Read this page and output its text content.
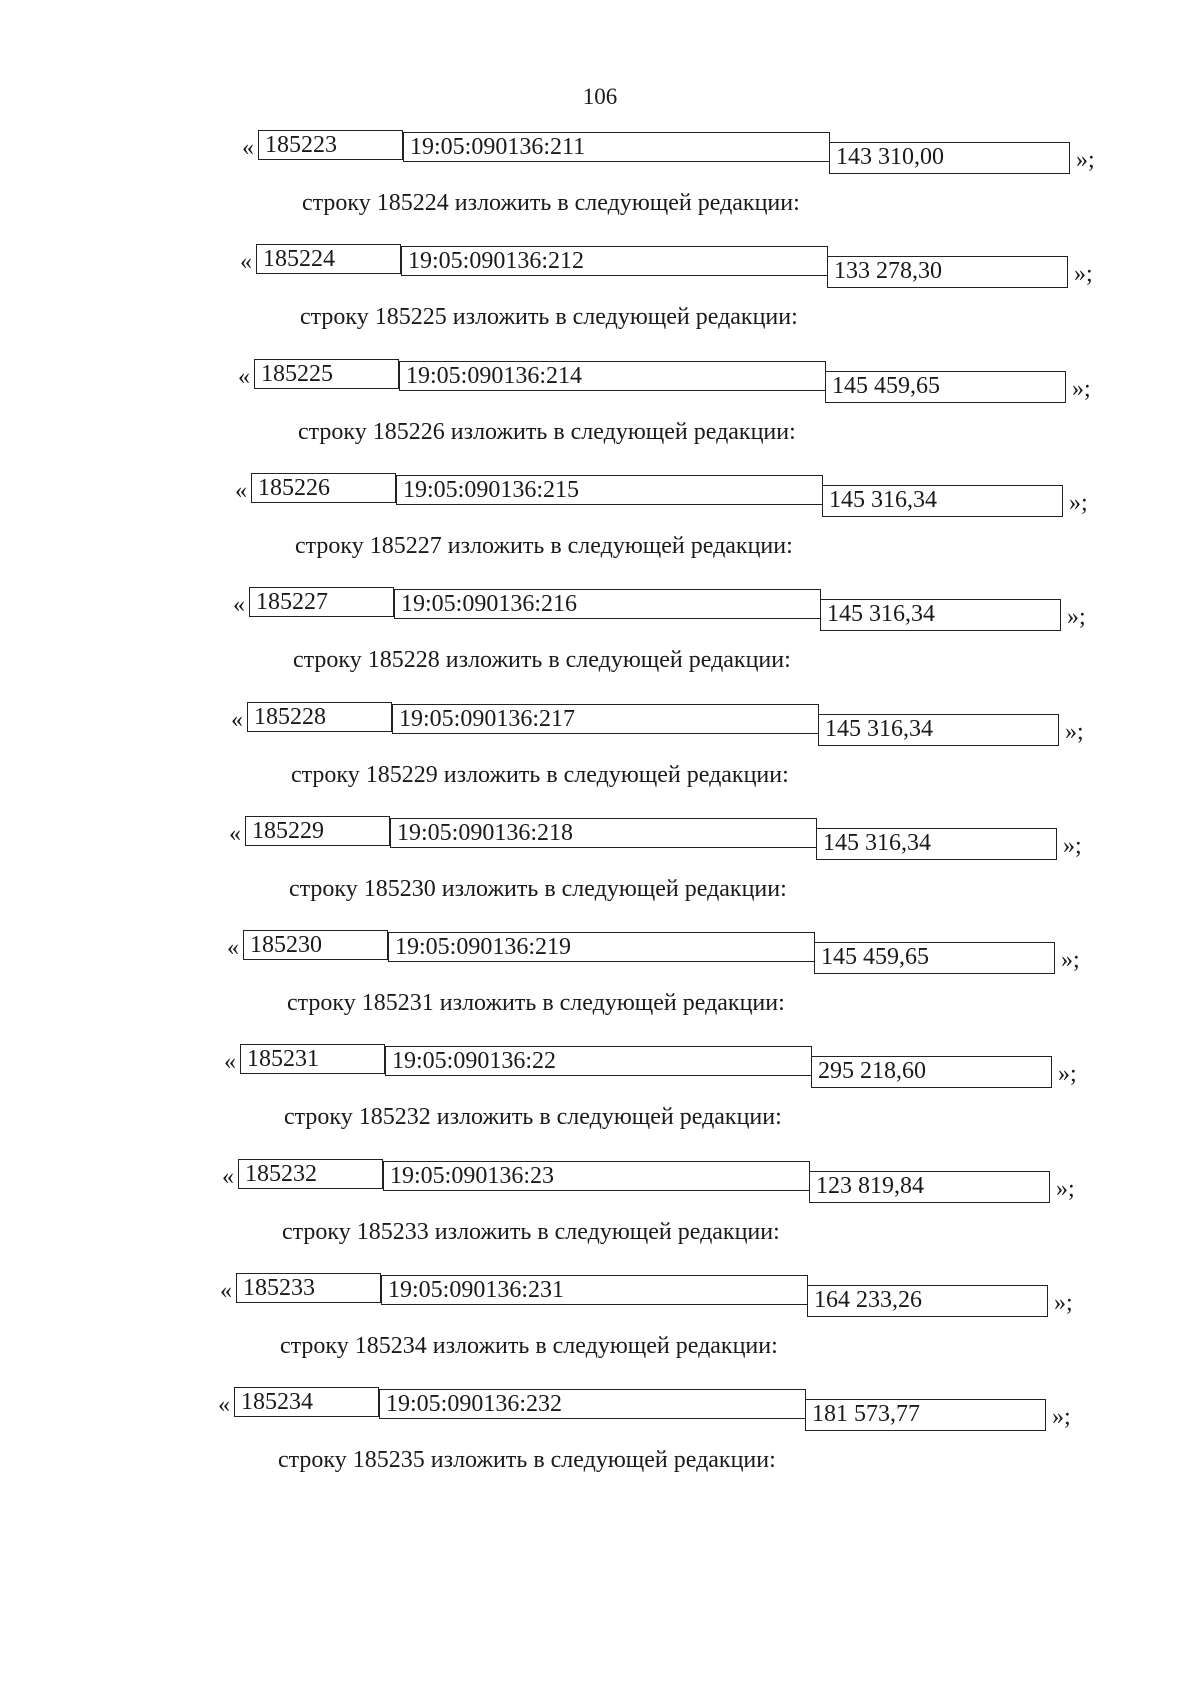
106
« 185223	19:05:090136:211	143 310,00	»;
строку 185224 изложить в следующей редакции:
« 185224	19:05:090136:212	133 278,30	»;
строку 185225 изложить в следующей редакции:
« 185225	19:05:090136:214	145 459,65	»;
строку 185226 изложить в следующей редакции:
« 185226	19:05:090136:215	145 316,34	»;
строку 185227 изложить в следующей редакции:
« 185227	19:05:090136:216	145 316,34	»;
строку 185228 изложить в следующей редакции:
« 185228	19:05:090136:217	145 316,34	»;
строку 185229 изложить в следующей редакции:
« 185229	19:05:090136:218	145 316,34	»;
строку 185230 изложить в следующей редакции:
« 185230	19:05:090136:219	145 459,65	»;
строку 185231 изложить в следующей редакции:
« 185231	19:05:090136:22	295 218,60	»;
строку 185232 изложить в следующей редакции:
« 185232	19:05:090136:23	123 819,84	»;
строку 185233 изложить в следующей редакции:
« 185233	19:05:090136:231	164 233,26	»;
строку 185234 изложить в следующей редакции:
« 185234	19:05:090136:232	181 573,77	»;
строку 185235 изложить в следующей редакции:
